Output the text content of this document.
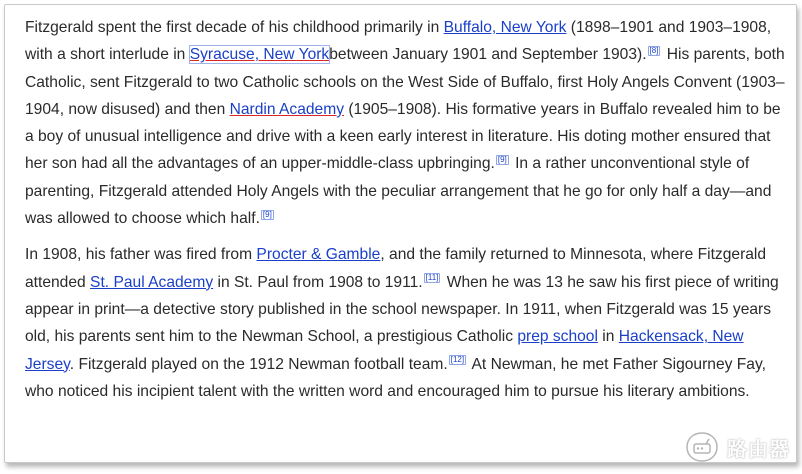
Fitzgerald spent the first decade of his childhood primarily in Buffalo, New York (1898–1901 and 1903–1908, with a short interlude in Syracuse, New Yorkbetween January 1901 and September 1903). [8] His parents, both Catholic, sent Fitzgerald to two Catholic schools on the West Side of Buffalo, first Holy Angels Convent (1903–1904, now disused) and then Nardin Academy (1905–1908). His formative years in Buffalo revealed him to be a boy of unusual intelligence and drive with a keen early interest in literature. His doting mother ensured that her son had all the advantages of an upper-middle-class upbringing. [9] In a rather unconventional style of parenting, Fitzgerald attended Holy Angels with the peculiar arrangement that he go for only half a day—and was allowed to choose which half. [9]

In 1908, his father was fired from Procter & Gamble, and the family returned to Minnesota, where Fitzgerald attended St. Paul Academy in St. Paul from 1908 to 1911. [11] When he was 13 he saw his first piece of writing appear in print—a detective story published in the school newspaper. In 1911, when Fitzgerald was 15 years old, his parents sent him to the Newman School, a prestigious Catholic prep school in Hackensack, New Jersey. Fitzgerald played on the 1912 Newman football team. [12] At Newman, he met Father Sigourney Fay, who noticed his incipient talent with the written word and encouraged him to pursue his literary ambitions.

路由器
